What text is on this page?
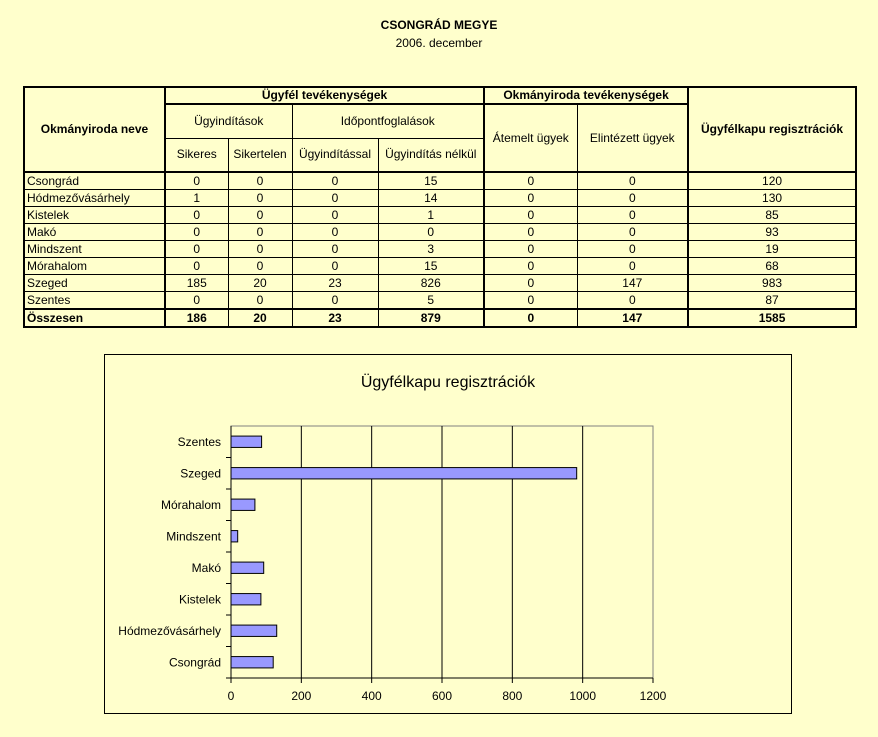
CSONGRÁD MEGYE
2006. december
Okmányiroda neve	Ügyfél tevékenységek				Okmányiroda tevékenységek		Ügyfélkapu regisztrációk
	Ügyindítások		Időpontfoglalások		Átemelt ügyek	Elintézett ügyek	
	Sikeres	Sikertelen	Ügyindítással	Ügyindítás nélkül			
Csongrád	0	0	0	15	0	0	120
Hódmezővásárhely	1	0	0	14	0	0	130
Kistelek	0	0	0	1	0	0	85
Makó	0	0	0	0	0	0	93
Mindszent	0	0	0	3	0	0	19
Mórahalom	0	0	0	15	0	0	68
Szeged	185	20	23	826	0	147	983
Szentes	0	0	0	5	0	0	87
Összesen	186	20	23	879	0	147	1585
Ügyfélkapu regisztrációk
0	200	400	600	800	1000	1200
Csongrád
Hódmezővásárhely
Kistelek
Makó
Mindszent
Mórahalom
Szeged
Szentes
